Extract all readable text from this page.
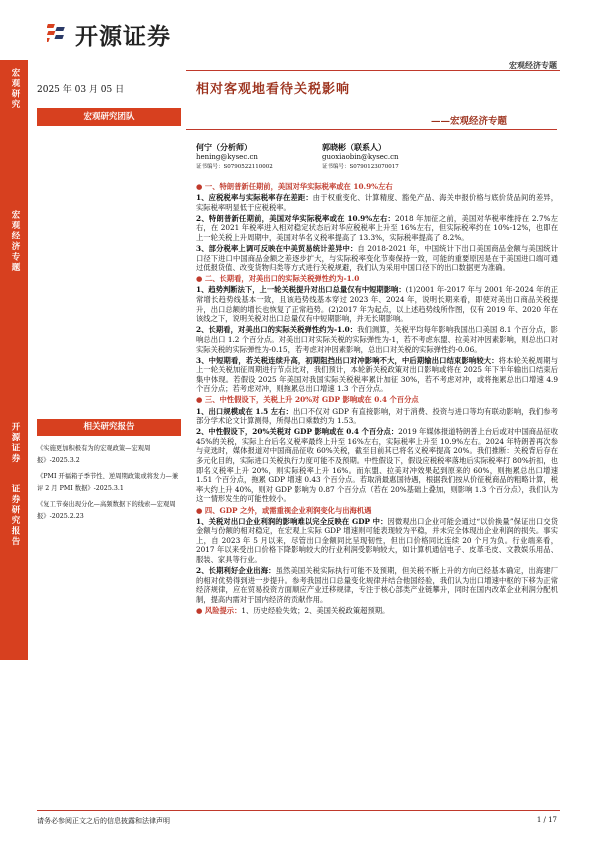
开源证券
宏观经济专题
宏观研究
宏观经济专题
开源证券
证券研究报告
2025 年 03 月 05 日	相对客观地看待关税影响
——宏观经济专题
宏观研究团队
何宁（分析师）
hening@kysec.cn
证书编号：S0790522110002
郭晓彬（联系人）
guoxiaobin@kysec.cn
证书编号：S0790123070017
相关研究报告
《实施更加积极有为的宏观政策—宏观周报》-2025.3.2
《PMI 开福箱子季节性、逆周期政策或将发力—兼评 2 月 PMI 数据》-2025.3.1
《复工节奏出现分化—高频数据下的线索—宏观周报》-2025.2.23

● 一、特朗普新任期前，美国对华实际税率或在 10.9%左右

1、应税税率与实际税率存在差距：由于权重变化、计算精度、豁免产品、海关申报价格与底价货品间的差异，实际税率明显低于应税税率。

2、特朗普新任期前，美国对华实际税率或在 10.9%左右：2018 年加征之前，美国对华税率维持在 2.7%左右，在 2021 年税率进入相对稳定状态后对华应税税率上升至 16%左右，但实际税率约在 10%-12%，也即在上一轮关税上升周期中，美国对华名义税率提高了 13.3%，实际税率提高了 8.2%。

3、部分税率上调可反映在中美贸易统计差异中：自 2018-2021 年，中国统计下出口美国商品金额与美国统计口径下进口中国商品金额之差逐步扩大，与实际税率变化节奏保持一致，可能的重要原因是在于美国进口端可通过低报货值、改变货物归类等方式进行关税规避，我们认为采用中国口径下的出口数据更为准确。

● 二、长期看，对美出口的实际关税弹性约为-1.0

1、趋势判断法下，上一轮关税提升对出口总量仅有中短期影响：(1)2001 年-2017 年与 2001 年-2024 年的正常增长趋势线基本一致，且该趋势线基本穿过 2023 年、2024 年，说明长期来看，即使对美出口商品关税提升，出口总额的增长也恢复了正常趋势。(2)2017 年为起点，以上述趋势线所作图，仅有 2019 年、2020 年在该线之下，说明关税对出口总量仅有中短期影响，并无长期影响。

2、长期看，对美出口的实际关税弹性约为-1.0：我们测算，关税平均每年影响我国出口美国 8.1 个百分点，影响总出口 1.2 个百分点。对美出口对实际关税的实际弹性为-1，若不考虑东盟、拉美对冲因素影响，则总出口对实际关税的实际弹性为-0.15，若考虑对冲因素影响，总出口对关税的实际弹性约-0.06。

3、中短期看，若关税连续升高，初期阻挡出口对冲影响不大，中后期输出口结束影响较大：将本轮关税周期与上一轮关税加征周期进行节点比对，我们预计，本轮新关税政策对出口影响或将在 2025 年下半年输出口结束后集中体现。若假设 2025 年美国对我国实际关税税率累计加征 30%，若不考虑对冲，或将拖累总出口增速 4.9 个百分点；若考虑对冲，则拖累总出口增速 1.3 个百分点。

● 三、中性假设下，关税上升 20%对 GDP 影响或在 0.4 个百分点

1、出口规模或在 1.5 左右：出口不仅对 GDP 有直接影响，对于消费、投资与进口等均有联动影响，我们参考部分学术论文计算测得，所得出口乘数约为 1.53。

2、中性假设下，20%关税对 GDP 影响或在 0.4 个百分点：2019 年媒体报道特朗普上台后或对中国商品征收 45%的关税，实际上台后名义税率最终上升至 16%左右，实际税率上升至 10.9%左右。2024 年特朗普再次参与竞选时，媒体报道对中国商品征收 60%关税，截至目前其已将名义税率提高 20%。我们推断：关税背后存在多元化目的，实际进口关税执行力度可能不及预期。中性假设下，假设应税税率落地后实际税率打 80%折扣，也即名义税率上升 20%，则实际税率上升 16%。而东盟、拉美对冲效果起到原来的 60%，则拖累总出口增速 1.51 个百分点，拖累 GDP 增速 0.43 个百分点。若取消最惠国待遇，根据我们按从价征税商品的粗略计算，税率大约上升 40%，则对 GDP 影响为 0.87 个百分点（若在 20%基础上叠加，则影响 1.3 个百分点），我们认为这一情形发生的可能性较小。

● 四、GDP 之外，或需重视企业利润变化与出海机遇

1、关税对出口企业利润的影响难以完全反映在 GDP 中：因微观出口企业可能会通过“以价换量”保证出口交货金额与份额的相对稳定，在宏观上实际 GDP 增速则可能表现较为平稳，并未完全体现出企业利润的损失。事实上，自 2023 年 5 月以来，尽管出口金额同比呈现韧性，但出口价格同比连续 20 个月为负。行业端来看，2017 年以来受出口价格下降影响较大的行业利润受影响较大，如计算机通信电子、皮革毛皮、文教娱乐用品、服装、家具等行业。

2、长期利好企业出海：虽然美国关税实际执行可能不及预期，但关税不断上升的方向已经基本确定，出海建厂的相对优势得到进一步提升。参考我国出口总量变化规律并结合他国经验，我们认为出口增速中枢的下移为正常经济规律，应在贸易投资方面顺应产业迁移规律，专注于核心部类产业链攀升，同时在国内改革企业利润分配机制，提高内需对于国内经济的贡献作用。

● 风险提示：1、历史经验失效；2、美国关税政策超预期。

请务必参阅正文之后的信息披露和法律声明	1 / 17
